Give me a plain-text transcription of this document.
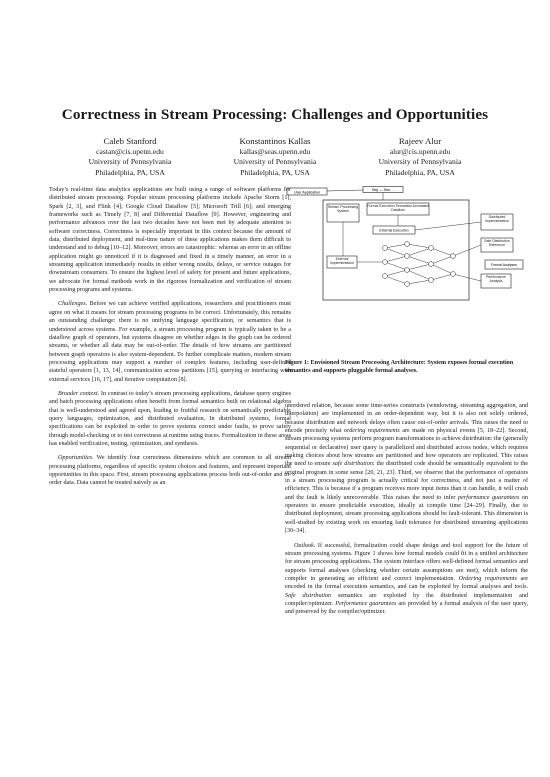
Correctness in Stream Processing: Challenges and Opportunities
Caleb Stanford
castan@cis.upenn.edu
University of Pennsylvania
Philadelphia, PA, USA
Konstantinos Kallas
kallas@seas.upenn.edu
University of Pennsylvania
Philadelphia, PA, USA
Rajeev Alur
alur@cis.upenn.edu
University of Pennsylvania
Philadelphia, PA, USA

Today’s real-time data analytics applications are built using a range of software platforms for distributed stream processing. Popular stream processing platforms include Apache Storm [1], Spark [2, 3], and Flink [4]; Google Cloud Dataflow [5]; Microsoft Trill [6]; and emerging frameworks such as Timely [7, 8] and Differential Dataflow [9]. However, engineering and performance advances over the last two decades have not been met by adequate attention to software correctness. Correctness is especially important in this context because the amount of data, distributed deployment, and real-time nature of these applications makes them difficult to understand and to debug [10–12]. Moreover, errors are catastrophic: whereas an error in an offline application might go unnoticed if it is diagnosed and fixed in a timely manner, an error in a streaming application immediately results in either wrong results, delays, or service outages for downstream consumers. To ensure the highest level of safety for present and future applications, we advocate for formal methods work in the rigorous formalization and verification of stream processing programs and systems.

Challenges. Before we can achieve verified applications, researchers and practitioners must agree on what it means for stream processing programs to be correct. Unfortunately, this remains an outstanding challenge: there is no unifying language specification, or semantics that is understood across systems. For example, a stream processing program is typically taken to be a dataflow graph of operators, but systems disagree on whether edges in the graph can be ordered streams, or whether all data may be out-of-order. The details of how streams are partitioned between graph operators is also system-dependent. To further complicate matters, modern stream processing applications may support a number of complex features, including user-defined stateful operators [1, 13, 14], communication across partitions [15], querying or interfacing with external services [16, 17], and iterative computation [8].

Broader context. In contrast to today’s stream processing applications, database query engines and batch processing applications often benefit from formal semantics built on relational algebra that is well-understood and agreed upon, leading to fruitful research on semantically predictable query languages, optimization, and distributed evaluation. In distributed systems, formal specifications can be exploited in order to prove systems correct under faults, to prove safety through model-checking or to test correctness at runtime using traces. Formalization in these areas has enabled verification, testing, optimization, and synthesis.

Opportunities. We identify four correctness dimensions which are common to all stream processing platforms, regardless of specific system choices and features, and represent important opportunities in this space. First, stream processing applications process both out-of-order and in-order data. Data cannot be treated naively as an

User Application
Stre̲ — Stor ...
Stream Processing System
Formal Execution Semantics Annotated Dataflow
External Execution
Distributed Implementation
Safe Distribution Reference
Formal Analyses
External Implementation
Performance Analysis
Figure 1: Envisioned Stream Processing Architecture: System exposes formal execution semantics and supports pluggable formal analyses.

unordered relation, because some time-series constructs (windowing, streaming aggregation, and interpolation) are implemented in an order-dependent way, but it is also not solely ordered, because distribution and network delays often cause out-of-order arrivals. This raises the need to encode precisely what ordering requirements are made on physical events [5, 18–22]. Second, stream processing systems perform program transformations to achieve distribution: the (generally sequential or declarative) user query is parallelized and distributed across nodes, which requires making choices about how streams are partitioned and how operators are replicated. This raises the need to ensure safe distribution: the distributed code should be semantically equivalent to the original program in some sense [20, 21, 23]. Third, we observe that the performance of operators in a stream processing program is actually critical for correctness, and not just a matter of efficiency. This is because if a program receives more input items than it can handle, it will crash and the fault is likely unrecoverable. This raises the need to infer performance guarantees on operators to ensure predictable execution, ideally at compile time [24–29]. Finally, due to distributed deployment, stream processing applications should be fault-tolerant. This dimension is well-studied by existing work on ensuring fault tolerance for distributed streaming applications [30–34].

Outlook. If successful, formalization could shape design and tool support for the future of stream processing systems. Figure 1 shows how formal models could fit in a unified architecture for stream processing applications. The system interface offers well-defined formal semantics and supports formal analyses (checking whether certain assumptions are met), which inform the compiler in generating an efficient and correct implementation. Ordering requirements are encoded in the formal execution semantics, and can be exploited by formal analyses and tools. Safe distribution semantics are exploited by the distributed implementation and compiler/optimizer. Performance guarantees are provided by a formal analysis of the user query, and preserved by the compiler/optimizer.
